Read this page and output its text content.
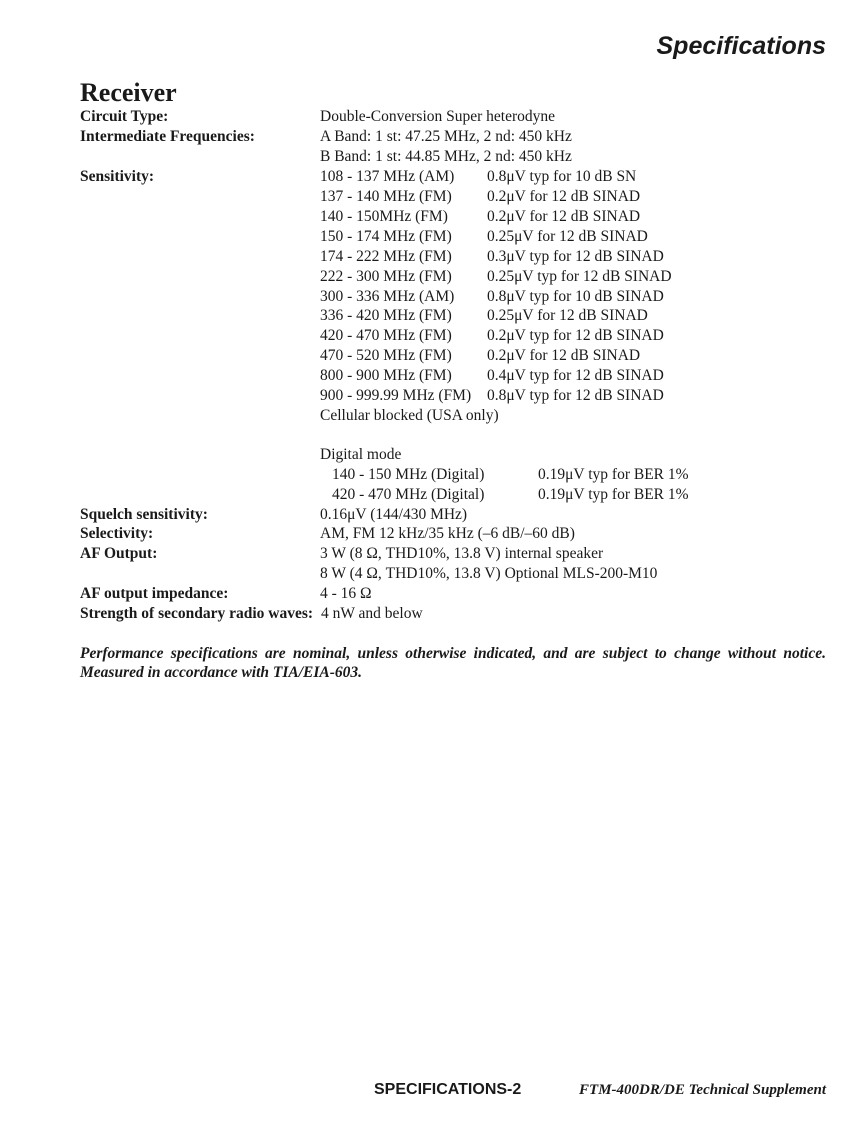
Specifications
Receiver
Circuit Type:	Double-Conversion Super heterodyne
Intermediate Frequencies:	A Band: 1 st: 47.25 MHz, 2 nd: 450 kHz
B Band: 1 st: 44.85 MHz, 2 nd: 450 kHz
Sensitivity:	108 - 137 MHz (AM) 0.8μV typ for 10 dB SN
137 - 140 MHz (FM) 0.2μV for 12 dB SINAD
140 - 150MHz (FM)	0.2μV for 12 dB SINAD
150 - 174 MHz (FM) 0.25μV for 12 dB SINAD
174 - 222 MHz (FM) 0.3μV typ for 12 dB SINAD
222 - 300 MHz (FM) 0.25μV typ for 12 dB SINAD
300 - 336 MHz (AM) 0.8μV typ for 10 dB SINAD
336 - 420 MHz (FM) 0.25μV for 12 dB SINAD
420 - 470 MHz (FM) 0.2μV typ for 12 dB SINAD
470 - 520 MHz (FM) 0.2μV for 12 dB SINAD
800 - 900 MHz (FM) 0.4μV typ for 12 dB SINAD
900 - 999.99 MHz (FM) 0.8μV typ for 12 dB SINAD
Cellular blocked (USA only)
Digital mode
140 - 150 MHz (Digital)	0.19μV typ for BER 1%
420 - 470 MHz (Digital)	0.19μV typ for BER 1%
Squelch sensitivity:	0.16μV (144/430 MHz)
Selectivity:	AM, FM 12 kHz/35 kHz (–6 dB/–60 dB)
AF Output:	3 W (8 Ω, THD10%, 13.8 V) internal speaker
8 W (4 Ω, THD10%, 13.8 V) Optional MLS-200-M10
AF output impedance:	4 - 16 Ω
Strength of secondary radio waves: 4 nW and below
Performance specifications are nominal, unless otherwise indicated, and are subject to change without notice. Measured in accordance with TIA/EIA-603.
SPECIFICATIONS-2	FTM-400DR/DE Technical Supplement
